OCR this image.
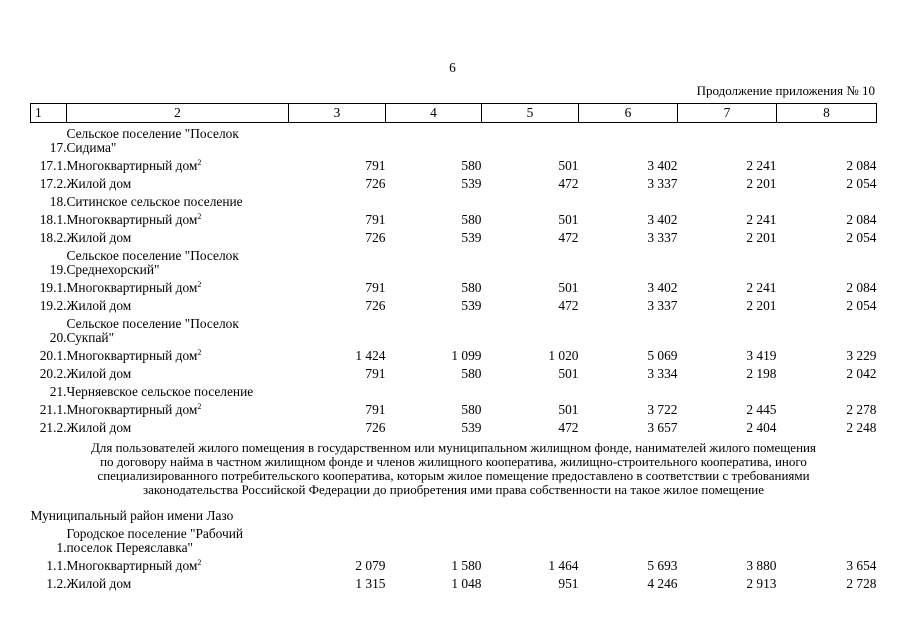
6
Продолжение приложения № 10
1	2	3	4	5	6	7	8
17.	Сельское поселение "Поселок
Сидима"						

17.1.	Многоквартирный дом$^2$	791	580	501	3 402	2 241	2 084
17.2.	Жилой дом	726	539	472	3 337	2 201	2 054
18.	Ситинское сельское поселение						
18.1.	Многоквартирный дом$^2$	791	580	501	3 402	2 241	2 084
18.2.	Жилой дом	726	539	472	3 337	2 201	2 054
19.	Сельское поселение "Поселок
Среднехорский"						

19.1.	Многоквартирный дом$^2$	791	580	501	3 402	2 241	2 084
19.2.	Жилой дом	726	539	472	3 337	2 201	2 054
20.	Сельское поселение "Поселок
Сукпай"						

20.1.	Многоквартирный дом$^2$	1 424	1 099	1 020	5 069	3 419	3 229
20.2.	Жилой дом	791	580	501	3 334	2 198	2 042
21.	Черняевское сельское поселение						
21.1.	Многоквартирный дом$^2$	791	580	501	3 722	2 445	2 278
21.2.	Жилой дом	726	539	472	3 657	2 404	2 248

Для пользователей жилого помещения в государственном или муниципальном жилищном фонде, нанимателей жилого помещения
по договору найма в частном жилищном фонде и членов жилищного кооператива, жилищно-строительного кооператива, иного
специализированного потребительского кооператива, которым жилое помещение предоставлено в соответствии с требованиями
законодательства Российской Федерации до приобретения ими права собственности на такое жилое помещение							

Муниципальный район имени Лазо							
1.	Городское поселение "Рабочий
поселок Переяславка"						

1.1.	Многоквартирный дом$^2$	2 079	1 580	1 464	5 693	3 880	3 654
1.2.	Жилой дом	1 315	1 048	951	4 246	2 913	2 728
